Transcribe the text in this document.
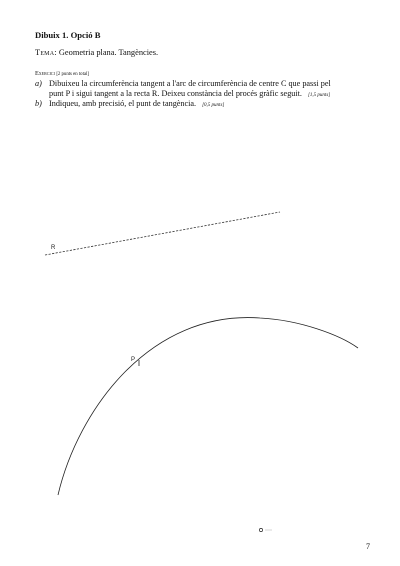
Dibuix 1. Opció B
Tema: Geometria plana. Tangències.
Exercici [2 punts en total]
a) Dibuixeu la circumferència tangent a l'arc de circumferència de centre C que passi pel
punt P i sigui tangent a la recta R. Deixeu constància del procés gràfic seguit. [1,5 punts]
b) Indiqueu, amb precisió, el punt de tangència. [0,5 punts]
R
P
7
